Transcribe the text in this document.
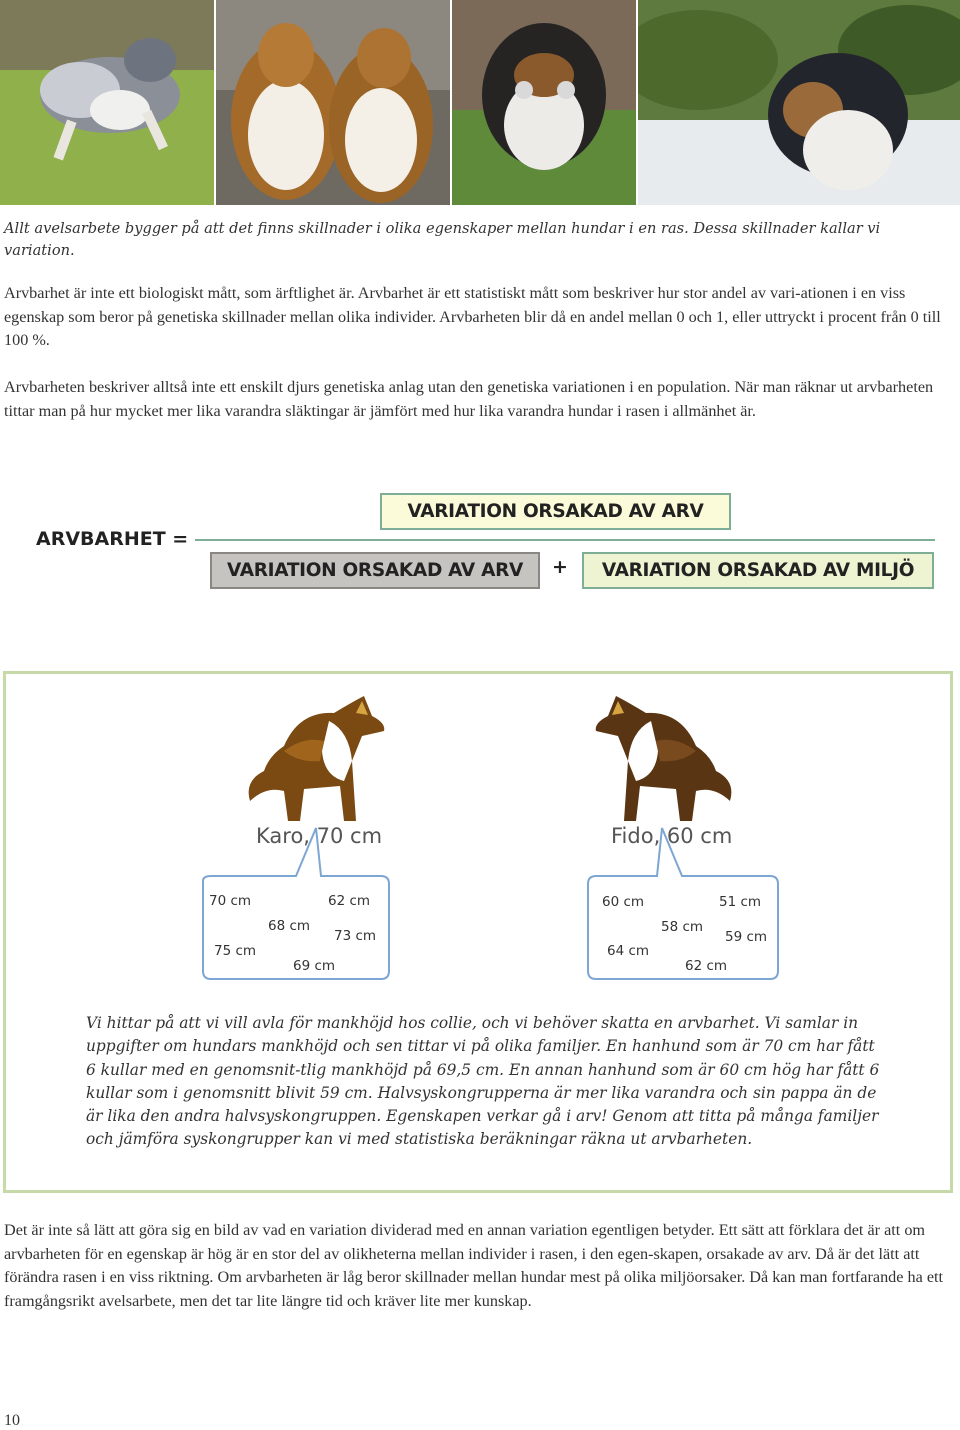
Allt avelsarbete bygger på att det finns skillnader i olika egenskaper mellan hundar i en ras. Dessa skillnader kallar vi variation.

Arvbarhet är inte ett biologiskt mått, som ärftlighet är. Arvbarhet är ett statistiskt mått som beskriver hur stor andel av vari-ationen i en viss egenskap som beror på genetiska skillnader mellan olika individer. Arvbarheten blir då en andel mellan 0 och 1, eller uttryckt i procent från 0 till 100 %.

Arvbarheten beskriver alltså inte ett enskilt djurs genetiska anlag utan den genetiska variationen i en population. När man räknar ut arvbarheten tittar man på hur mycket mer lika varandra släktingar är jämfört med hur lika varandra hundar i rasen i allmänhet är.

ARVBARHET =
VARIATION ORSAKAD AV ARV
VARIATION ORSAKAD AV ARV	+	VARIATION ORSAKAD AV MILJÖ
Karo, 70 cm
70 cm	62 cm
68 cm
73 cm
75 cm
69 cm
Fido, 60 cm
60 cm	51 cm
58 cm
59 cm
64 cm
62 cm
Vi hittar på att vi vill avla för mankhöjd hos collie, och vi behöver skatta en arvbarhet. Vi samlar in uppgifter om hundars mankhöjd och sen tittar vi på olika familjer. En hanhund som är 70 cm har fått 6 kullar med en genomsnit-tlig mankhöjd på 69,5 cm. En annan hanhund som är 60 cm hög har fått 6 kullar som i genomsnitt blivit 59 cm. Halvsyskongrupperna är mer lika varandra och sin pappa än de är lika den andra halvsyskongruppen. Egenskapen verkar gå i arv! Genom att titta på många familjer och jämföra syskongrupper kan vi med statistiska beräkningar räkna ut arvbarheten.

Det är inte så lätt att göra sig en bild av vad en variation dividerad med en annan variation egentligen betyder. Ett sätt att förklara det är att om arvbarheten för en egenskap är hög är en stor del av olikheterna mellan individer i rasen, i den egen-skapen, orsakade av arv. Då är det lätt att förändra rasen i en viss riktning. Om arvbarheten är låg beror skillnader mellan hundar mest på olika miljöorsaker. Då kan man fortfarande ha ett framgångsrikt avelsarbete, men det tar lite längre tid och kräver lite mer kunskap.

10
